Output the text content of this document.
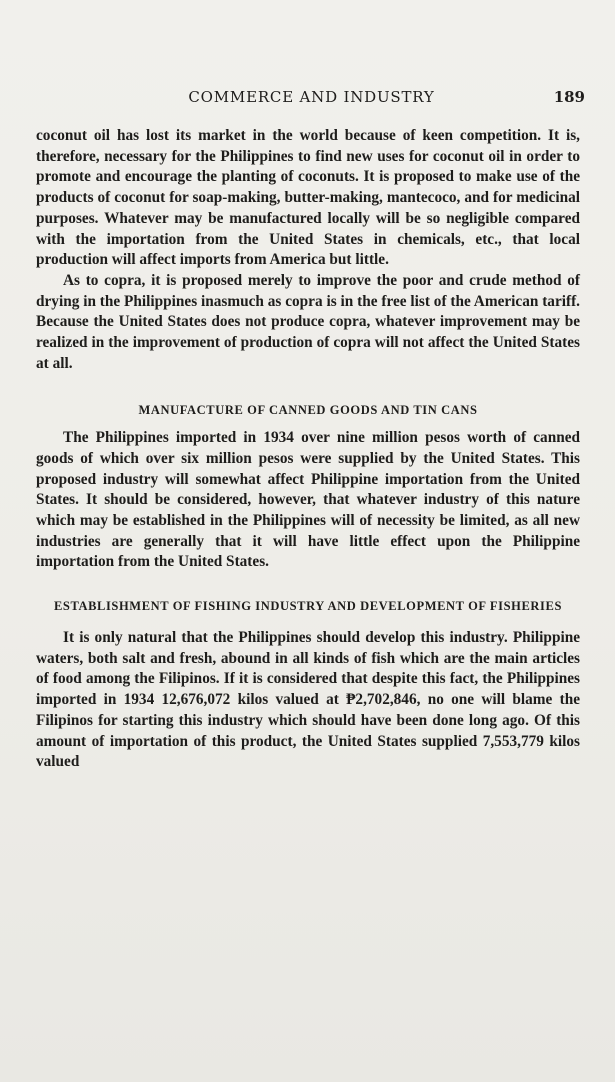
COMMERCE AND INDUSTRY	189

coconut oil has lost its market in the world because of keen competition. It is, therefore, necessary for the Philippines to find new uses for coconut oil in order to promote and encourage the planting of coconuts. It is proposed to make use of the products of coconut for soap-making, butter-making, mantecoco, and for medicinal purposes. Whatever may be manufactured locally will be so negligible compared with the importation from the United States in chemicals, etc., that local production will affect imports from America but little.

As to copra, it is proposed merely to improve the poor and crude method of drying in the Philippines inasmuch as copra is in the free list of the American tariff. Because the United States does not produce copra, whatever improvement may be realized in the improvement of production of copra will not affect the United States at all.

MANUFACTURE OF CANNED GOODS AND TIN CANS

The Philippines imported in 1934 over nine million pesos worth of canned goods of which over six million pesos were supplied by the United States. This proposed industry will somewhat affect Philippine importation from the United States. It should be considered, however, that whatever industry of this nature which may be established in the Philippines will of necessity be limited, as all new industries are generally that it will have little effect upon the Philippine importation from the United States.

ESTABLISHMENT OF FISHING INDUSTRY AND DEVELOPMENT OF FISHERIES

It is only natural that the Philippines should develop this industry. Philippine waters, both salt and fresh, abound in all kinds of fish which are the main articles of food among the Filipinos. If it is considered that despite this fact, the Philippines imported in 1934 12,676,072 kilos valued at ₱2,702,846, no one will blame the Filipinos for starting this industry which should have been done long ago. Of this amount of importation of this product, the United States supplied 7,553,779 kilos valued
